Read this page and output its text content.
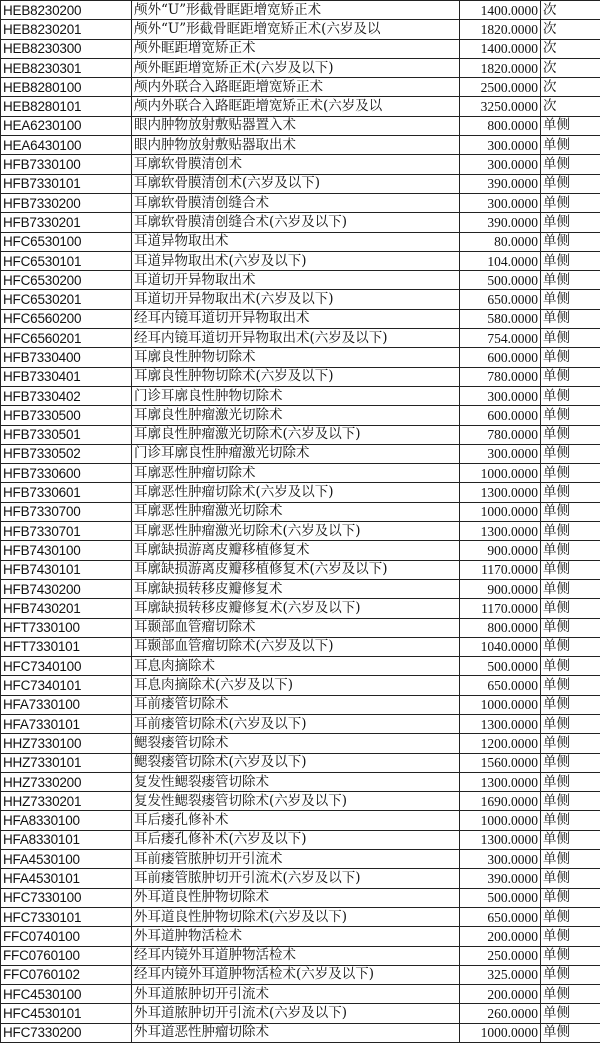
HEB8230200	颅外“U”形截骨眶距增宽矫正术	1400.0000	次
HEB8230201	颅外“U”形截骨眶距增宽矫正术(六岁及以	1820.0000	次
HEB8230300	颅外眶距增宽矫正术	1400.0000	次
HEB8230301	颅外眶距增宽矫正术(六岁及以下)	1820.0000	次
HEB8280100	颅内外联合入路眶距增宽矫正术	2500.0000	次
HEB8280101	颅内外联合入路眶距增宽矫正术(六岁及以	3250.0000	次
HEA6230100	眼内肿物放射敷贴器置入术	800.0000	单侧
HEA6430100	眼内肿物放射敷贴器取出术	300.0000	单侧
HFB7330100	耳廓软骨膜清创术	300.0000	单侧
HFB7330101	耳廓软骨膜清创术(六岁及以下)	390.0000	单侧
HFB7330200	耳廓软骨膜清创缝合术	300.0000	单侧
HFB7330201	耳廓软骨膜清创缝合术(六岁及以下)	390.0000	单侧
HFC6530100	耳道异物取出术	80.0000	单侧
HFC6530101	耳道异物取出术(六岁及以下)	104.0000	单侧
HFC6530200	耳道切开异物取出术	500.0000	单侧
HFC6530201	耳道切开异物取出术(六岁及以下)	650.0000	单侧
HFC6560200	经耳内镜耳道切开异物取出术	580.0000	单侧
HFC6560201	经耳内镜耳道切开异物取出术(六岁及以下)	754.0000	单侧
HFB7330400	耳廓良性肿物切除术	600.0000	单侧
HFB7330401	耳廓良性肿物切除术(六岁及以下)	780.0000	单侧
HFB7330402	门诊耳廓良性肿物切除术	300.0000	单侧
HFB7330500	耳廓良性肿瘤激光切除术	600.0000	单侧
HFB7330501	耳廓良性肿瘤激光切除术(六岁及以下)	780.0000	单侧
HFB7330502	门诊耳廓良性肿瘤激光切除术	300.0000	单侧
HFB7330600	耳廓恶性肿瘤切除术	1000.0000	单侧
HFB7330601	耳廓恶性肿瘤切除术(六岁及以下)	1300.0000	单侧
HFB7330700	耳廓恶性肿瘤激光切除术	1000.0000	单侧
HFB7330701	耳廓恶性肿瘤激光切除术(六岁及以下)	1300.0000	单侧
HFB7430100	耳廓缺损游离皮瓣移植修复术	900.0000	单侧
HFB7430101	耳廓缺损游离皮瓣移植修复术(六岁及以下)	1170.0000	单侧
HFB7430200	耳廓缺损转移皮瓣修复术	900.0000	单侧
HFB7430201	耳廓缺损转移皮瓣修复术(六岁及以下)	1170.0000	单侧
HFT7330100	耳颞部血管瘤切除术	800.0000	单侧
HFT7330101	耳颞部血管瘤切除术(六岁及以下)	1040.0000	单侧
HFC7340100	耳息肉摘除术	500.0000	单侧
HFC7340101	耳息肉摘除术(六岁及以下)	650.0000	单侧
HFA7330100	耳前瘘管切除术	1000.0000	单侧
HFA7330101	耳前瘘管切除术(六岁及以下)	1300.0000	单侧
HHZ7330100	鳃裂瘘管切除术	1200.0000	单侧
HHZ7330101	鳃裂瘘管切除术(六岁及以下)	1560.0000	单侧
HHZ7330200	复发性鳃裂瘘管切除术	1300.0000	单侧
HHZ7330201	复发性鳃裂瘘管切除术(六岁及以下)	1690.0000	单侧
HFA8330100	耳后瘘孔修补术	1000.0000	单侧
HFA8330101	耳后瘘孔修补术(六岁及以下)	1300.0000	单侧
HFA4530100	耳前瘘管脓肿切开引流术	300.0000	单侧
HFA4530101	耳前瘘管脓肿切开引流术(六岁及以下)	390.0000	单侧
HFC7330100	外耳道良性肿物切除术	500.0000	单侧
HFC7330101	外耳道良性肿物切除术(六岁及以下)	650.0000	单侧
FFC0740100	外耳道肿物活检术	200.0000	单侧
FFC0760100	经耳内镜外耳道肿物活检术	250.0000	单侧
FFC0760102	经耳内镜外耳道肿物活检术(六岁及以下)	325.0000	单侧
HFC4530100	外耳道脓肿切开引流术	200.0000	单侧
HFC4530101	外耳道脓肿切开引流术(六岁及以下)	260.0000	单侧
HFC7330200	外耳道恶性肿瘤切除术	1000.0000	单侧
